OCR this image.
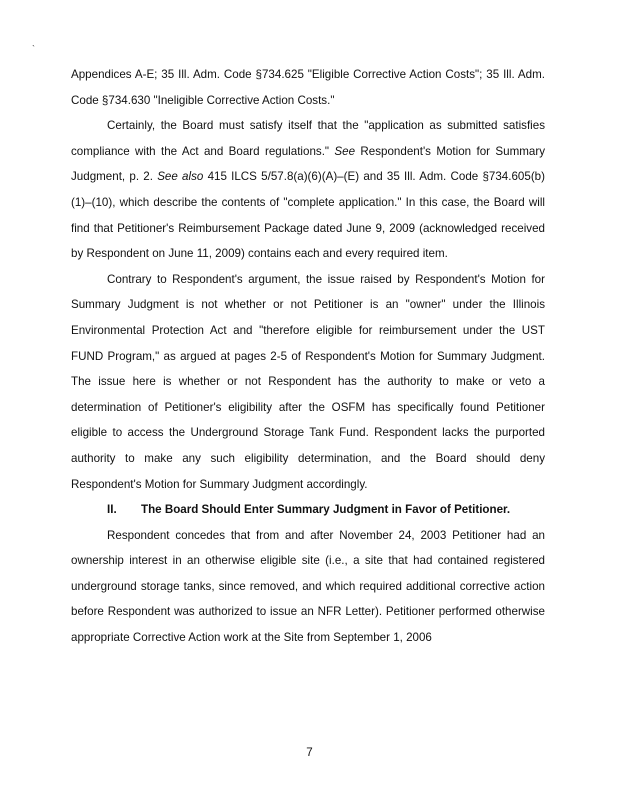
`

Appendices A-E; 35 Ill. Adm. Code §734.625 "Eligible Corrective Action Costs"; 35 Ill. Adm. Code §734.630 "Ineligible Corrective Action Costs."

Certainly, the Board must satisfy itself that the "application as submitted satisfies compliance with the Act and Board regulations." See Respondent's Motion for Summary Judgment, p. 2. See also 415 ILCS 5/57.8(a)(6)(A)–(E) and 35 Ill. Adm. Code §734.605(b)(1)–(10), which describe the contents of "complete application." In this case, the Board will find that Petitioner's Reimbursement Package dated June 9, 2009 (acknowledged received by Respondent on June 11, 2009) contains each and every required item.

Contrary to Respondent's argument, the issue raised by Respondent's Motion for Summary Judgment is not whether or not Petitioner is an "owner" under the Illinois Environmental Protection Act and "therefore eligible for reimbursement under the UST FUND Program," as argued at pages 2-5 of Respondent's Motion for Summary Judgment. The issue here is whether or not Respondent has the authority to make or veto a determination of Petitioner's eligibility after the OSFM has specifically found Petitioner eligible to access the Underground Storage Tank Fund. Respondent lacks the purported authority to make any such eligibility determination, and the Board should deny Respondent's Motion for Summary Judgment accordingly.

II. The Board Should Enter Summary Judgment in Favor of Petitioner.

Respondent concedes that from and after November 24, 2003 Petitioner had an ownership interest in an otherwise eligible site (i.e., a site that had contained registered underground storage tanks, since removed, and which required additional corrective action before Respondent was authorized to issue an NFR Letter). Petitioner performed otherwise appropriate Corrective Action work at the Site from September 1, 2006

7
